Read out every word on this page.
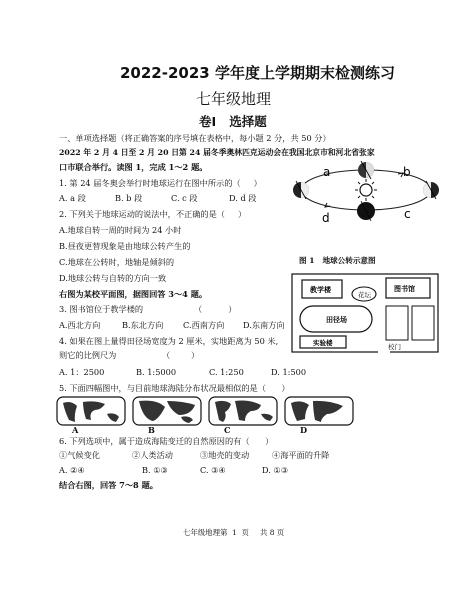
2022-2023 学年度上学期期末检测练习
七年级地理
卷Ⅰ   选择题
一、单项选择题（将正确答案的序号填在表格中，每小题 2 分，共 50 分）
2022 年 2 月 4 日至 2 月 20 日第 24 届冬季奥林匹克运动会在我国北京市和河北省张家
口市联合举行。读图 1，完成 1～2 题。
1. 第 24 届冬奥会举行时地球运行在图中所示的（     ）
A. a 段	B. b 段	C. c 段	D. d 段
2. 下列关于地球运动的说法中，不正确的是（     ）
A.地球自转一周的时间为 24 小时
B.昼夜更替现象是由地球公转产生的
C.地球在公转时，地轴是倾斜的
D.地球公转与自转的方向一致
a	b
c
d
图 1   地球公转示意图
右图为某校平面图，据图回答 3～4 题。	教学楼
花坛
图书馆
田径场
实验楼	校门
3. 图书馆位于教学楼的	（          ）
A.西北方向	B.东北方向 C.西南方向 D.东南方向
4. 如果在图上量得田径场宽度为 2 厘米，实地距离为 50 米,
则它的比例尺为	（        ）
A. 1：2500	B. 1:5000	C. 1:250	D. 1:500
5. 下面四幅图中，与目前地球海陆分布状况最相似的是（      ）
A	B	C	D
6. 下列选项中，属于造成海陆变迁的自然原因的有（      ）
①气候变化	②人类活动	③地壳的变动	④海平面的升降
A. ②④	B. ①③	C. ③④	D. ①③
结合右图，回答 7～8 题。
七年级地理第  1  页 共 8 页
